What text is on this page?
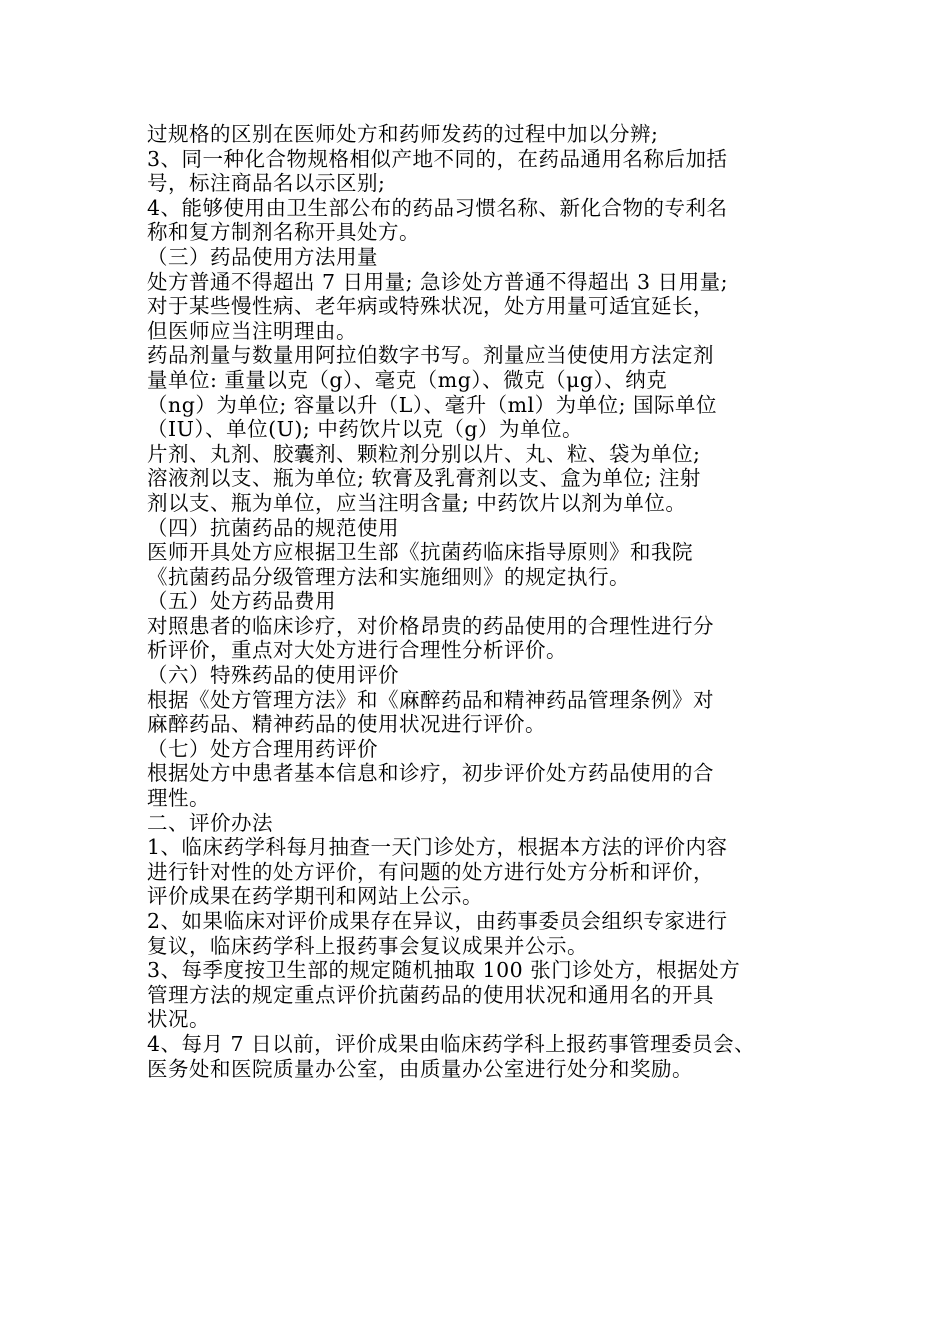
过规格的区别在医师处方和药师发药的过程中加以分辨;
3、同一种化合物规格相似产地不同的，在药品通用名称后加括
号，标注商品名以示区别;
4、能够使用由卫生部公布的药品习惯名称、新化合物的专利名
称和复方制剂名称开具处方。
（三）药品使用方法用量
处方普通不得超出 7 日用量; 急诊处方普通不得超出 3 日用量;
对于某些慢性病、老年病或特殊状况，处方用量可适宜延长，
但医师应当注明理由。
药品剂量与数量用阿拉伯数字书写。剂量应当使使用方法定剂
量单位: 重量以克（g）、毫克（mg）、微克（μg）、纳克
（ng）为单位; 容量以升（L）、毫升（ml）为单位; 国际单位
（IU）、单位(U); 中药饮片以克（g）为单位。
片剂、丸剂、胶囊剂、颗粒剂分别以片、丸、粒、袋为单位;
溶液剂以支、瓶为单位; 软膏及乳膏剂以支、盒为单位; 注射
剂以支、瓶为单位，应当注明含量; 中药饮片以剂为单位。
（四）抗菌药品的规范使用
医师开具处方应根据卫生部《抗菌药临床指导原则》和我院
《抗菌药品分级管理方法和实施细则》的规定执行。
（五）处方药品费用
对照患者的临床诊疗，对价格昂贵的药品使用的合理性进行分
析评价，重点对大处方进行合理性分析评价。
（六）特殊药品的使用评价
根据《处方管理方法》和《麻醉药品和精神药品管理条例》对
麻醉药品、精神药品的使用状况进行评价。
（七）处方合理用药评价
根据处方中患者基本信息和诊疗，初步评价处方药品使用的合
理性。
二、评价办法
1、临床药学科每月抽查一天门诊处方，根据本方法的评价内容
进行针对性的处方评价，有问题的处方进行处方分析和评价，
评价成果在药学期刊和网站上公示。
2、如果临床对评价成果存在异议，由药事委员会组织专家进行
复议，临床药学科上报药事会复议成果并公示。
3、每季度按卫生部的规定随机抽取 100 张门诊处方，根据处方
管理方法的规定重点评价抗菌药品的使用状况和通用名的开具
状况。
4、每月 7 日以前，评价成果由临床药学科上报药事管理委员会、
医务处和医院质量办公室，由质量办公室进行处分和奖励。
